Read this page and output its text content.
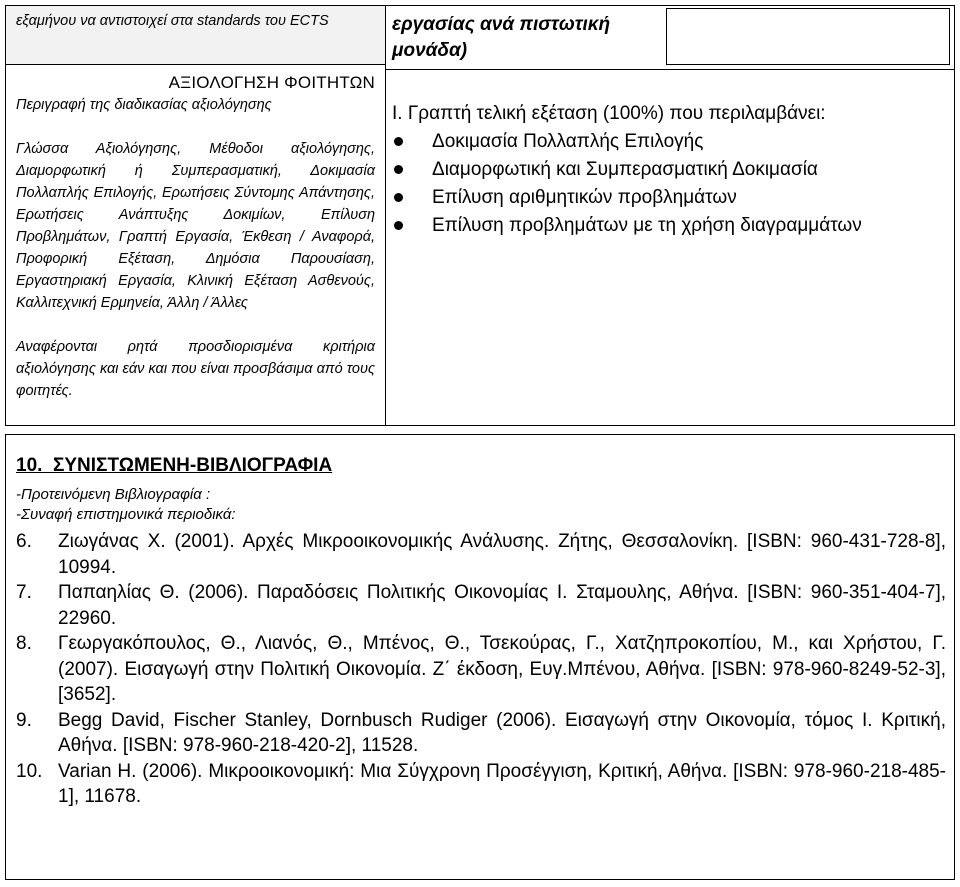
εξαμήνου να αντιστοιχεί στα standards του ECTS
ΑΞΙΟΛΟΓΗΣΗ ΦΟΙΤΗΤΩΝ
Περιγραφή της διαδικασίας αξιολόγησης
Γλώσσα Αξιολόγησης, Μέθοδοι αξιολόγησης, Διαμορφωτική ή Συμπερασματική, Δοκιμασία Πολλαπλής Επιλογής, Ερωτήσεις Σύντομης Απάντησης, Ερωτήσεις Ανάπτυξης Δοκιμίων, Επίλυση Προβλημάτων, Γραπτή Εργασία, Έκθεση / Αναφορά, Προφορική Εξέταση, Δημόσια Παρουσίαση, Εργαστηριακή Εργασία, Κλινική Εξέταση Ασθενούς, Καλλιτεχνική Ερμηνεία, Άλλη / Άλλες
Αναφέρονται ρητά προσδιορισμένα κριτήρια αξιολόγησης και εάν και που είναι προσβάσιμα από τους φοιτητές.
εργασίας ανά πιστωτική μονάδα)
Ι. Γραπτή τελική εξέταση (100%) που περιλαμβάνει:
Δοκιμασία Πολλαπλής Επιλογής
Διαμορφωτική και Συμπερασματική Δοκιμασία
Επίλυση αριθμητικών προβλημάτων
Επίλυση προβλημάτων με τη χρήση διαγραμμάτων
10. ΣΥΝΙΣΤΩΜΕΝΗ-ΒΙΒΛΙΟΓΡΑΦΙΑ
-Προτεινόμενη Βιβλιογραφία :
-Συναφή επιστημονικά περιοδικά:
6. Ζιωγάνας Χ. (2001). Αρχές Μικροοικονομικής Ανάλυσης. Ζήτης, Θεσσαλονίκη. [ISBN: 960-431-728-8], 10994.
7. Παπαηλίας Θ. (2006). Παραδόσεις Πολιτικής Οικονομίας Ι. Σταμουλης, Αθήνα. [ISBN: 960-351-404-7], 22960.
8. Γεωργακόπουλος, Θ., Λιανός, Θ., Μπένος, Θ., Τσεκούρας, Γ., Χατζηπροκοπίου, Μ., και Χρήστου, Γ. (2007). Εισαγωγή στην Πολιτική Οικονομία. Ζ΄ έκδοση, Ευγ.Μπένου, Αθήνα. [ISBN: 978-960-8249-52-3], [3652].
9. Begg David, Fischer Stanley, Dornbusch Rudiger (2006). Εισαγωγή στην Οικονομία, τόμος Ι. Κριτική, Αθήνα. [ISBN: 978-960-218-420-2], 11528.
10. Varian H. (2006). Μικροοικονομική: Μια Σύγχρονη Προσέγγιση, Κριτική, Αθήνα. [ISBN: 978-960-218-485-1], 11678.
